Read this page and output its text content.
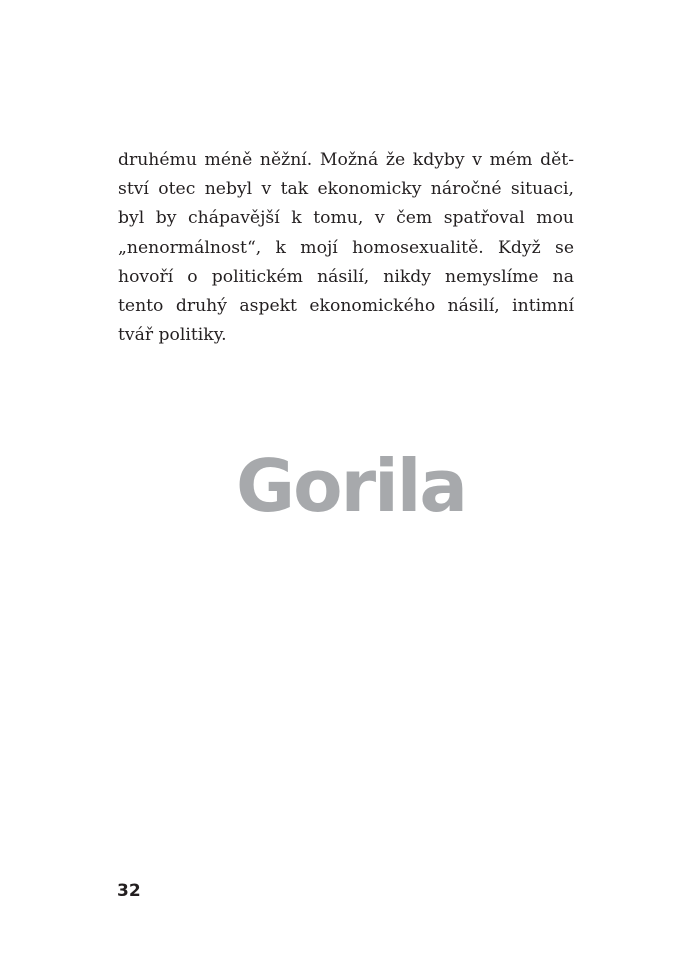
druhému méně něžní. Možná že kdyby v mém dět-
ství otec nebyl v tak ekonomicky náročné situaci,
byl by chápavější k tomu, v čem spatřoval mou
„nenormálnost“, k mojí homosexualitě. Když se
hovoří o politickém násilí, nikdy nemyslíme na
tento druhý aspekt ekonomického násilí, intimní
tvář politiky.

Gorila
32
